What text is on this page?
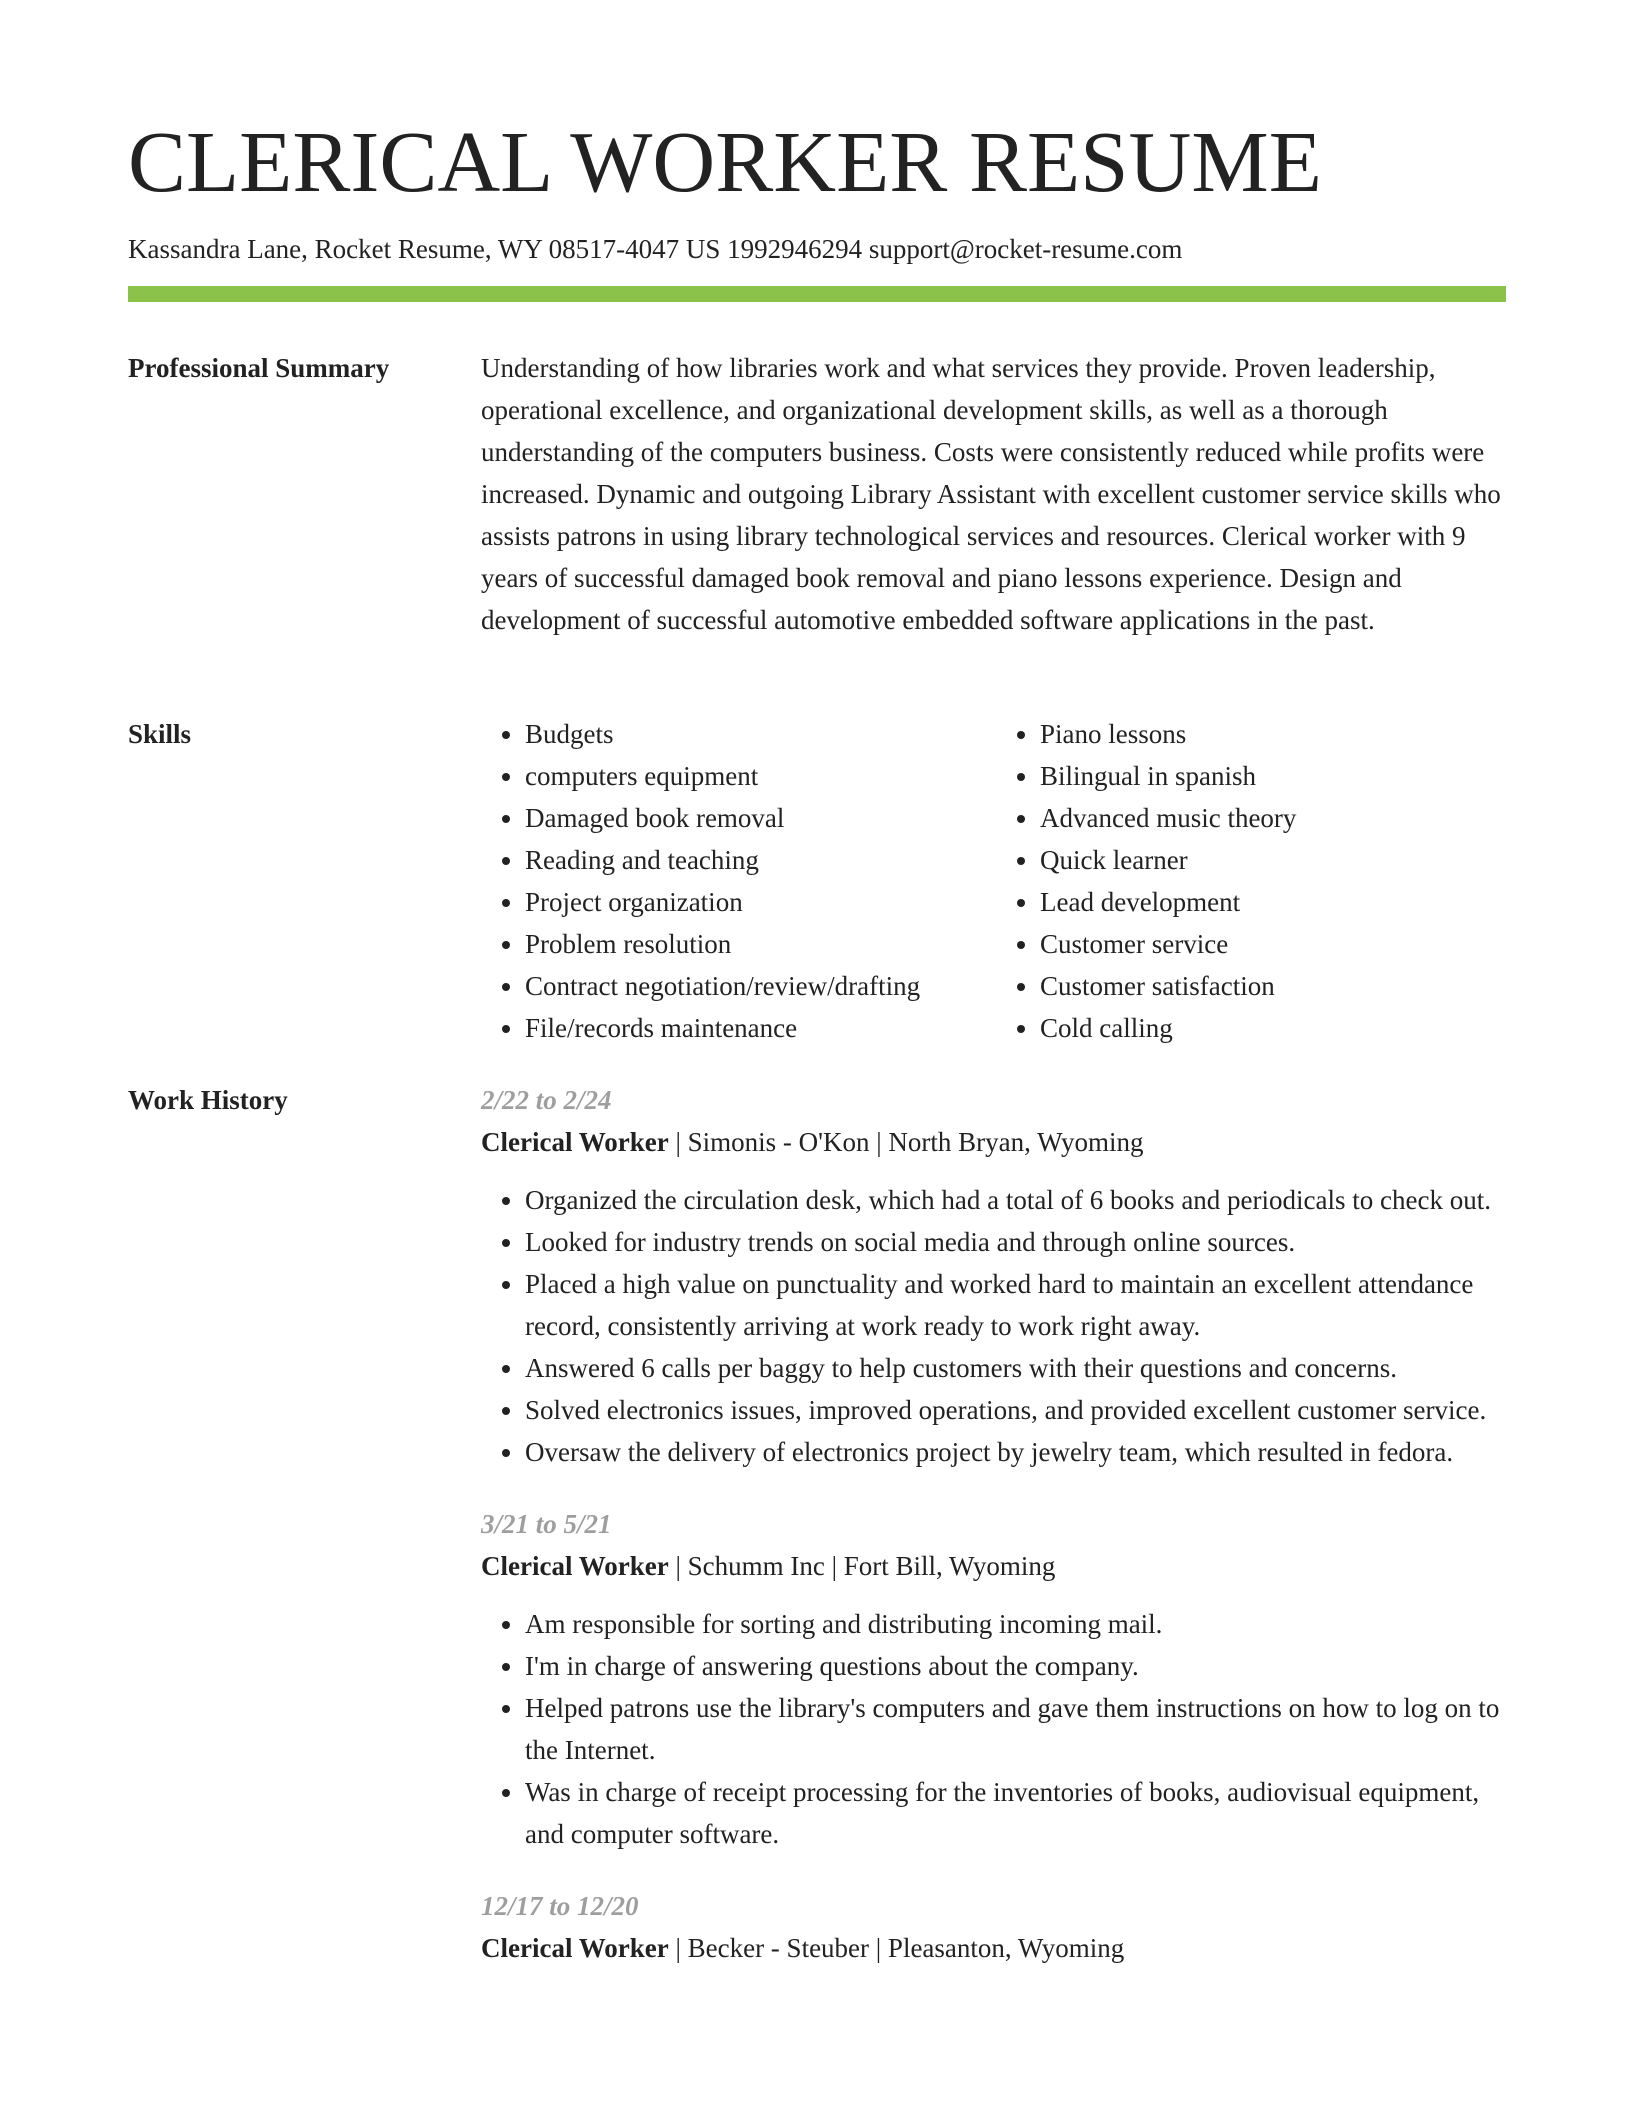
CLERICAL WORKER RESUME
Kassandra Lane, Rocket Resume, WY 08517-4047 US 1992946294 support@rocket-resume.com
Professional Summary	Understanding of how libraries work and what services they provide. Proven leadership, operational excellence, and organizational development skills, as well as a thorough understanding of the computers business. Costs were consistently reduced while profits were increased. Dynamic and outgoing Library Assistant with excellent customer service skills who assists patrons in using library technological services and resources. Clerical worker with 9 years of successful damaged book removal and piano lessons experience. Design and development of successful automotive embedded software applications in the past.

Skills
•	Budgets
• computers equipment
• Damaged book removal
• Reading and teaching
• Project organization
• Problem resolution
• Contract negotiation/review/drafting
• File/records maintenance
• Piano lessons
• Bilingual in spanish
• Advanced music theory
• Quick learner
• Lead development
• Customer service
• Customer satisfaction
• Cold calling
Work History	2/22 to 2/24
Clerical Worker | Simonis - O'Kon | North Bryan, Wyoming
• Organized the circulation desk, which had a total of 6 books and periodicals to check out.
• Looked for industry trends on social media and through online sources.
• Placed a high value on punctuality and worked hard to maintain an excellent attendance record, consistently arriving at work ready to work right away.
• Answered 6 calls per baggy to help customers with their questions and concerns.
• Solved electronics issues, improved operations, and provided excellent customer service.
• Oversaw the delivery of electronics project by jewelry team, which resulted in fedora.
3/21 to 5/21
Clerical Worker | Schumm Inc | Fort Bill, Wyoming
• Am responsible for sorting and distributing incoming mail.
• I'm in charge of answering questions about the company.
• Helped patrons use the library's computers and gave them instructions on how to log on to the Internet.
• Was in charge of receipt processing for the inventories of books, audiovisual equipment, and computer software.
12/17 to 12/20
Clerical Worker | Becker - Steuber | Pleasanton, Wyoming
